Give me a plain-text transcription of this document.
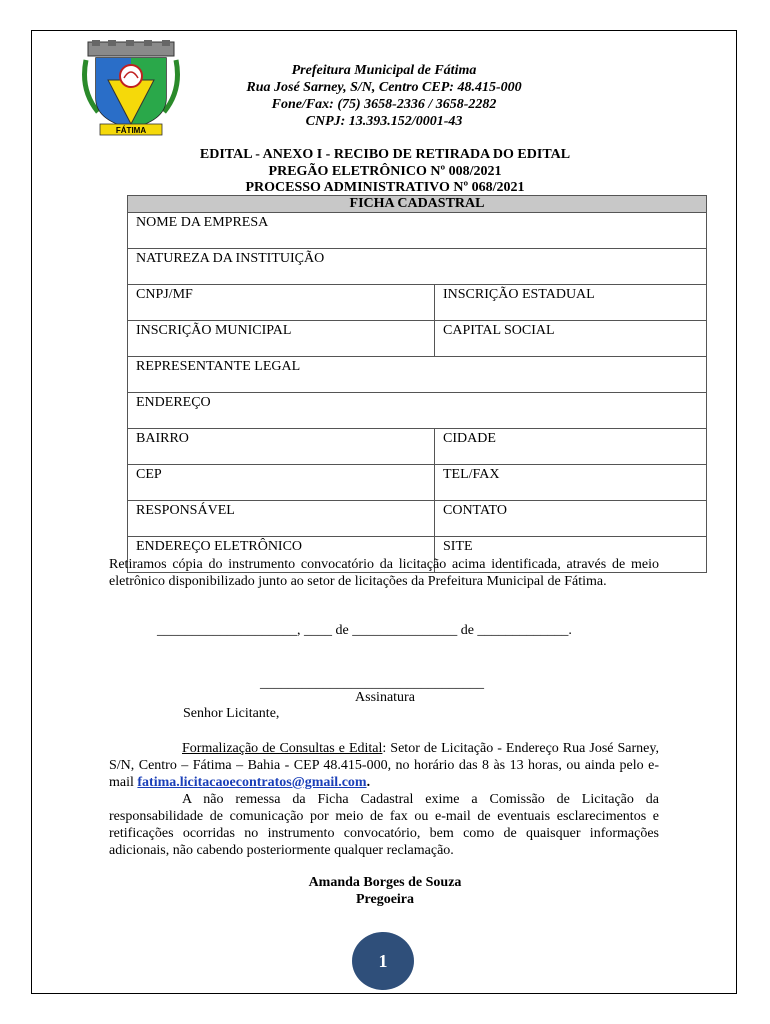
FÁTIMA
Prefeitura Municipal de Fátima
Rua José Sarney, S/N, Centro CEP: 48.415-000
Fone/Fax: (75) 3658-2336 / 3658-2282
CNPJ: 13.393.152/0001-43
EDITAL - ANEXO I - RECIBO DE RETIRADA DO EDITAL
PREGÃO ELETRÔNICO Nº 008/2021
PROCESSO ADMINISTRATIVO Nº 068/2021
FICHA CADASTRAL	
NOME DA EMPRESA	
NATUREZA DA INSTITUIÇÃO	
CNPJ/MF	INSCRIÇÃO ESTADUAL
INSCRIÇÃO MUNICIPAL	CAPITAL SOCIAL
REPRESENTANTE LEGAL	
ENDEREÇO	
BAIRRO	CIDADE
CEP	TEL/FAX
RESPONSÁVEL	CONTATO
ENDEREÇO ELETRÔNICO	SITE
Retiramos cópia do instrumento convocatório da licitação acima identificada, através de meio eletrônico disponibilizado junto ao setor de licitações da Prefeitura Municipal de Fátima.
____________________, ____ de _______________ de _____________.
________________________________
Assinatura
Senhor Licitante,
Formalização de Consultas e Edital: Setor de Licitação - Endereço Rua José Sarney, S/N, Centro – Fátima – Bahia - CEP 48.415-000, no horário das 8 às 13 horas, ou ainda pelo e-mail fatima.licitacaoecontratos@gmail.com.
A não remessa da Ficha Cadastral exime a Comissão de Licitação da responsabilidade de comunicação por meio de fax ou e-mail de eventuais esclarecimentos e retificações ocorridas no instrumento convocatório, bem como de quaisquer informações adicionais, não cabendo posteriormente qualquer reclamação.
Amanda Borges de Souza
Pregoeira
1
